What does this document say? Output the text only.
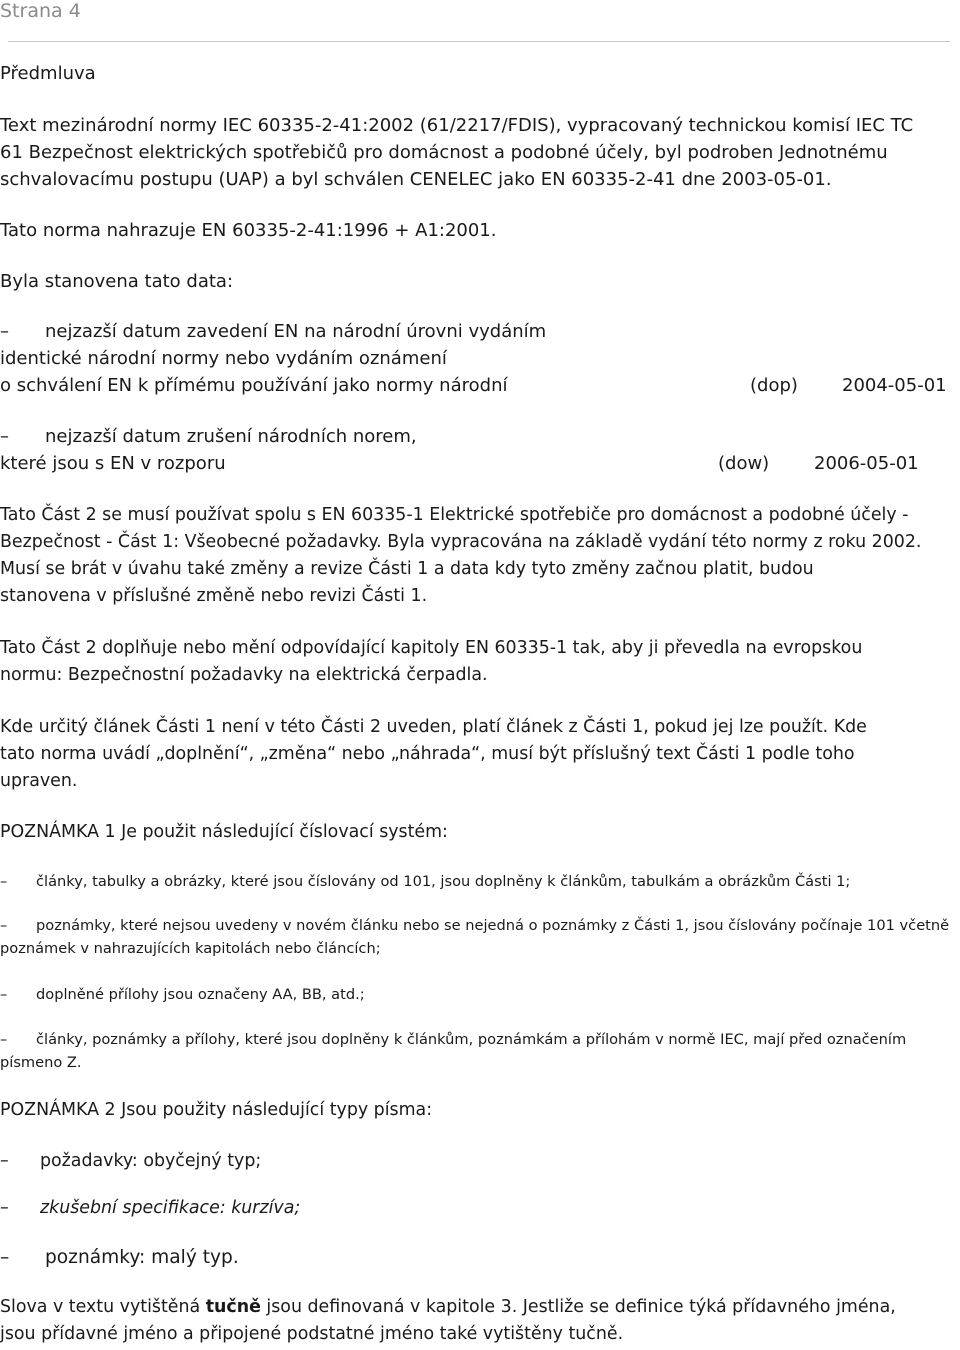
Strana 4
Předmluva
Text mezinárodní normy IEC 60335-2-41:2002 (61/2217/FDIS), vypracovaný technickou komisí IEC TC
61 Bezpečnost elektrických spotřebičů pro domácnost a podobné účely, byl podroben Jednotnému
schvalovacímu postupu (UAP) a byl schválen CENELEC jako EN 60335-2-41 dne 2003-05-01.
Tato norma nahrazuje EN 60335-2-41:1996 + A1:2001.
Byla stanovena tato data:
– nejzazší datum zavedení EN na národní úrovni vydáním
identické národní normy nebo vydáním oznámení
o schválení EN k přímému používání jako normy národní	(dop) 2004-05-01
– nejzazší datum zrušení národních norem,
které jsou s EN v rozporu	(dow) 2006-05-01
Tato Část 2 se musí používat spolu s EN 60335-1 Elektrické spotřebiče pro domácnost a podobné účely -
Bezpečnost - Část 1: Všeobecné požadavky. Byla vypracována na základě vydání této normy z roku 2002.
Musí se brát v úvahu také změny a revize Části 1 a data kdy tyto změny začnou platit, budou
stanovena v příslušné změně nebo revizi Části 1.
Tato Část 2 doplňuje nebo mění odpovídající kapitoly EN 60335-1 tak, aby ji převedla na evropskou
normu: Bezpečnostní požadavky na elektrická čerpadla.
Kde určitý článek Části 1 není v této Části 2 uveden, platí článek z Části 1, pokud jej lze použít. Kde
tato norma uvádí „doplnění“, „změna“ nebo „náhrada“, musí být příslušný text Části 1 podle toho
upraven.
POZNÁMKA 1 Je použit následující číslovací systém:
– články, tabulky a obrázky, které jsou číslovány od 101, jsou doplněny k článkům, tabulkám a obrázkům Části 1;
– poznámky, které nejsou uvedeny v novém článku nebo se nejedná o poznámky z Části 1, jsou číslovány počínaje 101 včetně
poznámek v nahrazujících kapitolách nebo článcích;
– doplněné přílohy jsou označeny AA, BB, atd.;
– články, poznámky a přílohy, které jsou doplněny k článkům, poznámkám a přílohám v normě IEC, mají před označením
písmeno Z.
POZNÁMKA 2 Jsou použity následující typy písma:
– požadavky: obyčejný typ;
– zkušební specifikace: kurzíva;
– poznámky: malý typ.
Slova v textu vytištěná tučně jsou definovaná v kapitole 3. Jestliže se definice týká přídavného jména,
jsou přídavné jméno a připojené podstatné jméno také vytištěny tučně.
